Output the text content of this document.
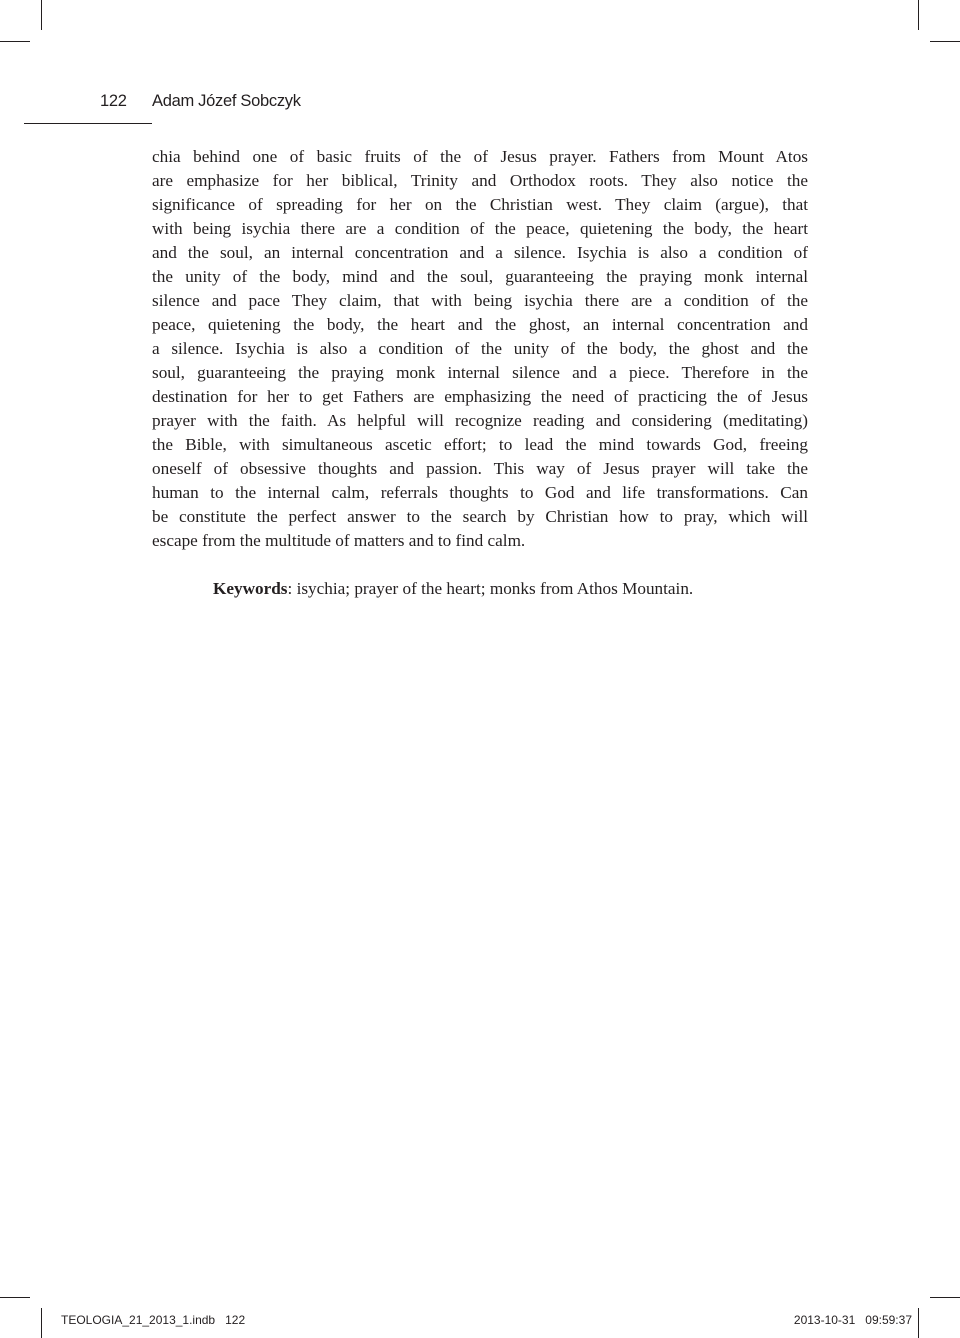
122 Adam Józef Sobczyk
chia behind one of basic fruits of the of Jesus prayer. Fathers from Mount Atos
are emphasize for her biblical, Trinity and Orthodox roots. They also notice the
significance of spreading for her on the Christian west. They claim (argue), that
with being isychia there are a condition of the peace, quietening the body, the heart
and the soul, an internal concentration and a silence. Isychia is also a condition of
the unity of the body, mind and the soul, guaranteeing the praying monk internal
silence and pace They claim, that with being isychia there are a condition of the
peace, quietening the body, the heart and the ghost, an internal concentration and
a silence. Isychia is also a condition of the unity of the body, the ghost and the
soul, guaranteeing the praying monk internal silence and a piece. Therefore in the
destination for her to get Fathers are emphasizing the need of practicing the of Jesus
prayer with the faith. As helpful will recognize reading and considering (meditating)
the Bible, with simultaneous ascetic effort; to lead the mind towards God, freeing
oneself of obsessive thoughts and passion. This way of Jesus prayer will take the
human to the internal calm, referrals thoughts to God and life transformations. Can
be constitute the perfect answer to the search by Christian how to pray, which will
escape from the multitude of matters and to find calm.
Keywords: isychia; prayer of the heart; monks from Athos Mountain.
TEOLOGIA_21_2013_1.indb   122	2013-10-31   09:59:37
